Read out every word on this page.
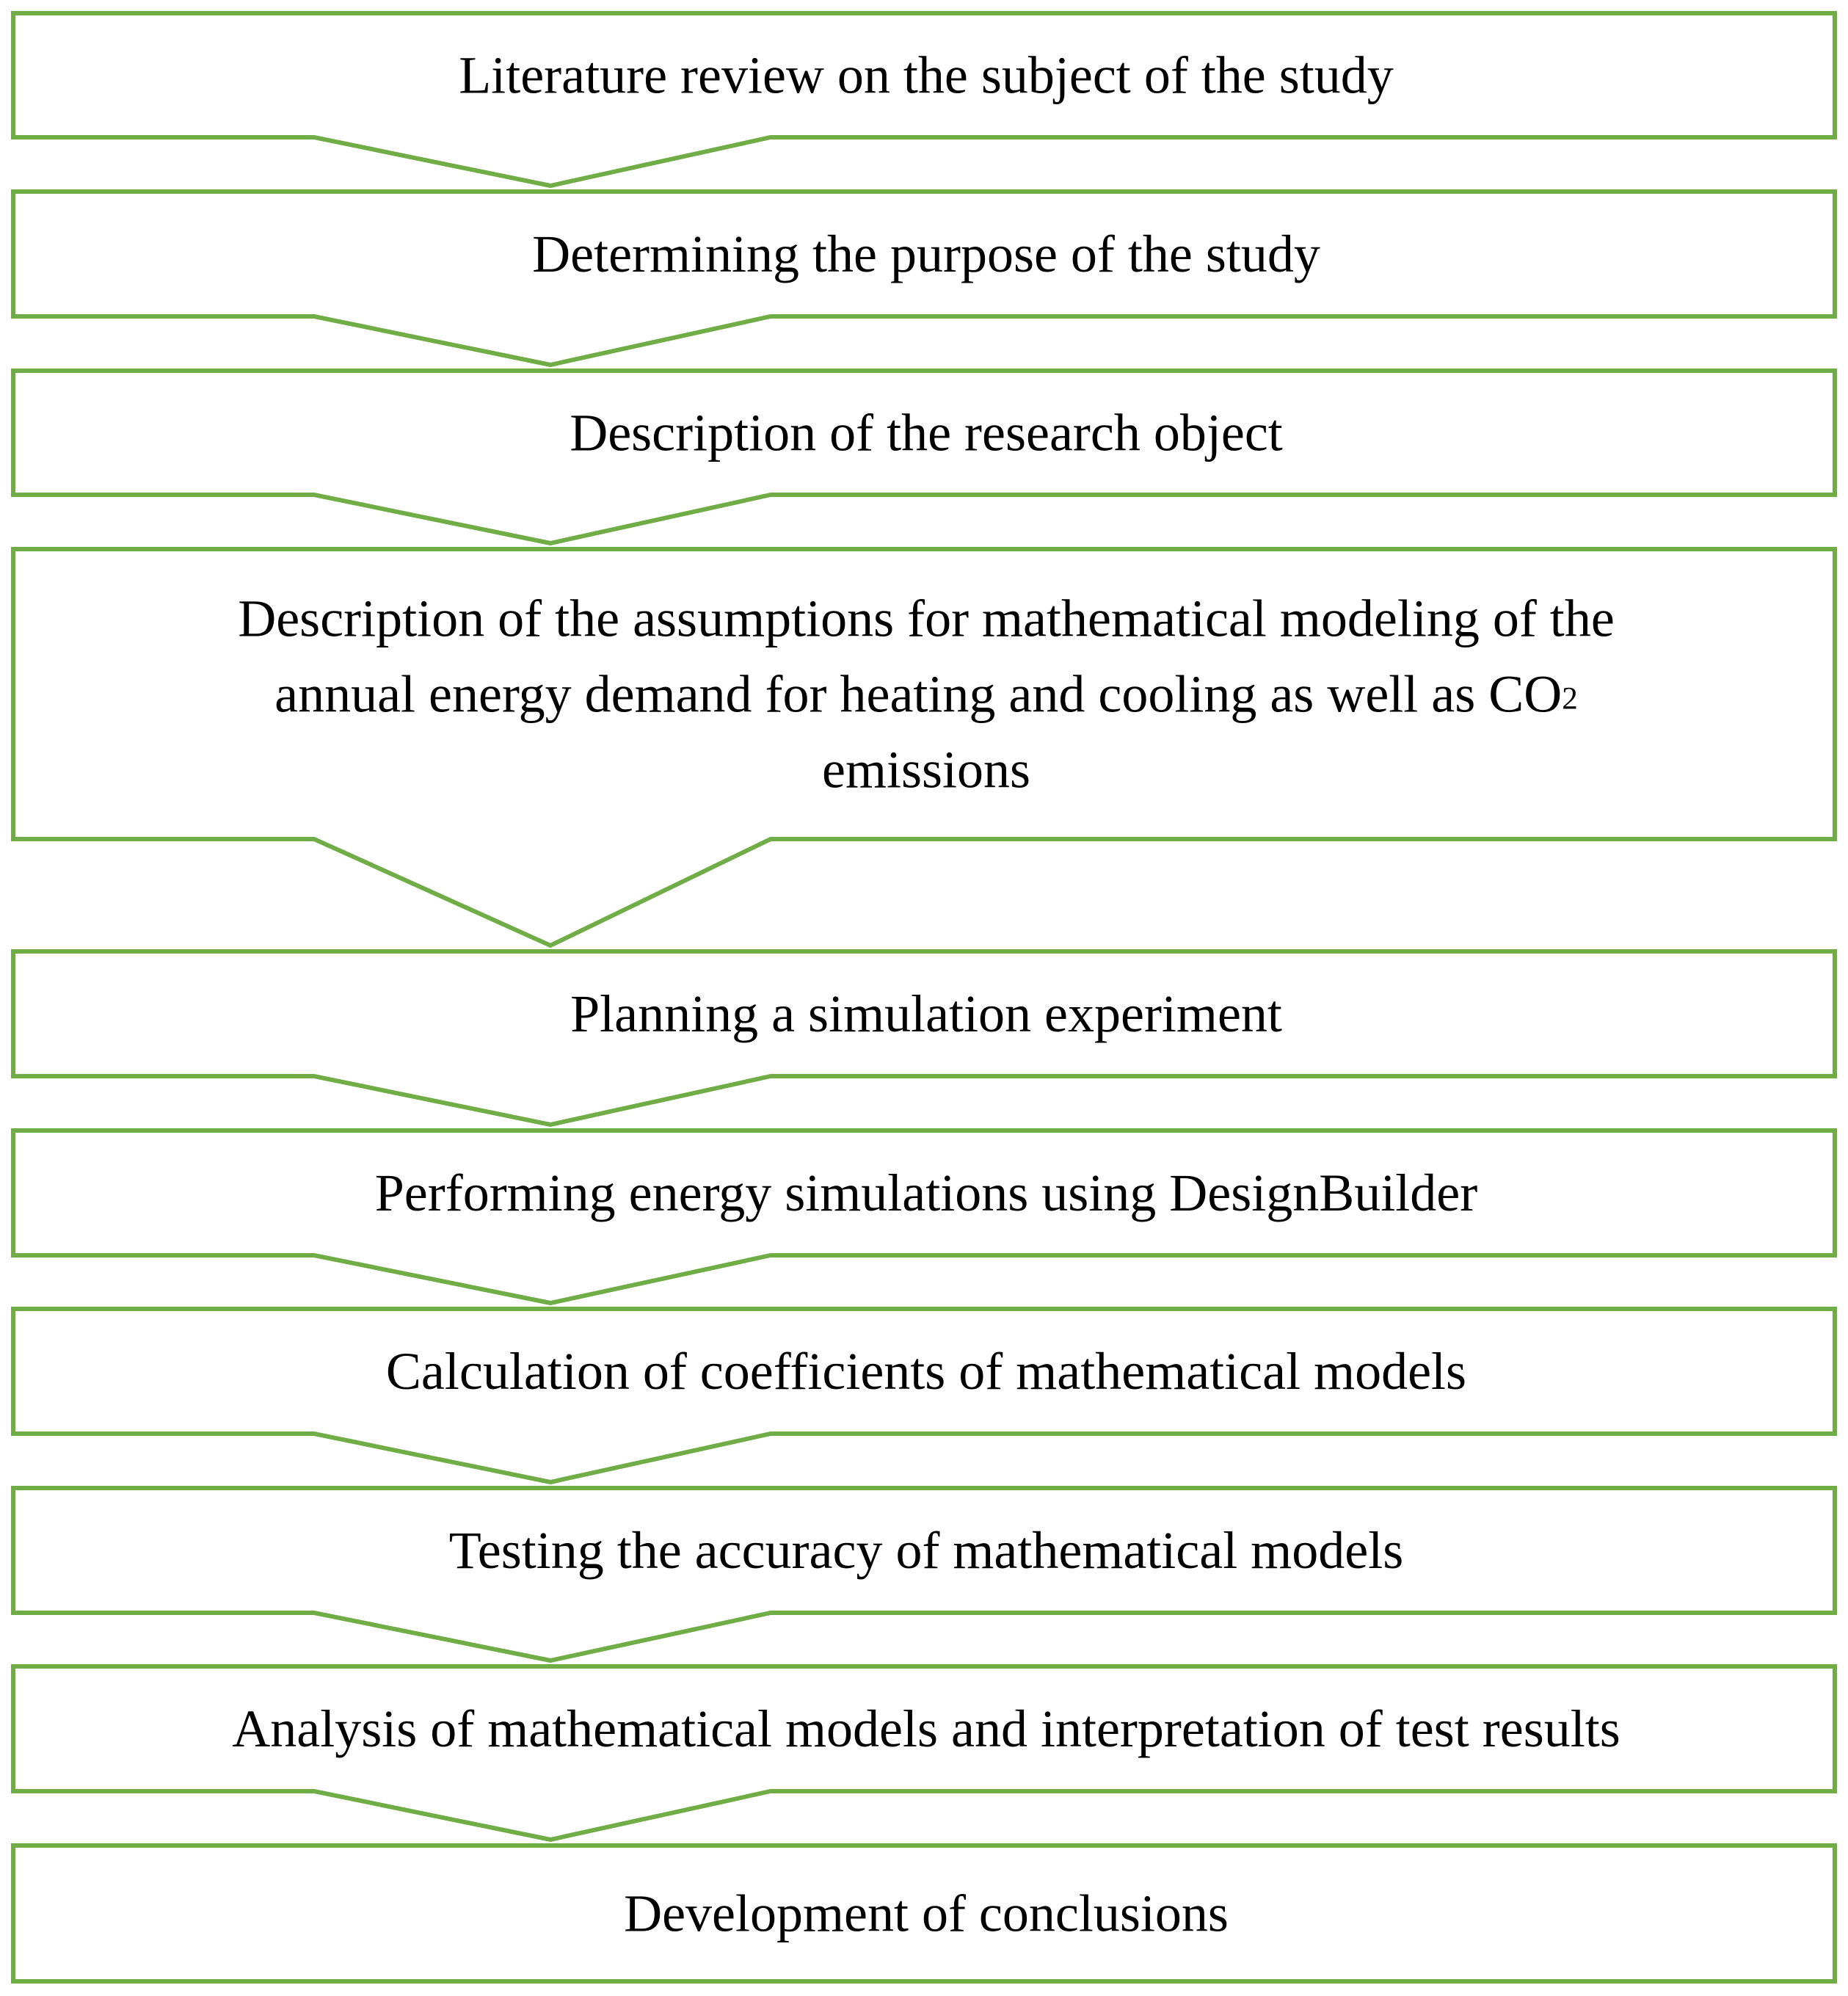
Literature review on the subject of the study
Determining the purpose of the study
Description of the research object
Description of the assumptions for mathematical modeling of the
annual energy demand for heating and cooling as well as CO2
emissions
Planning a simulation experiment
Performing energy simulations using DesignBuilder
Calculation of coefficients of mathematical models
Testing the accuracy of mathematical models
Analysis of mathematical models and interpretation of test results
Development of conclusions
